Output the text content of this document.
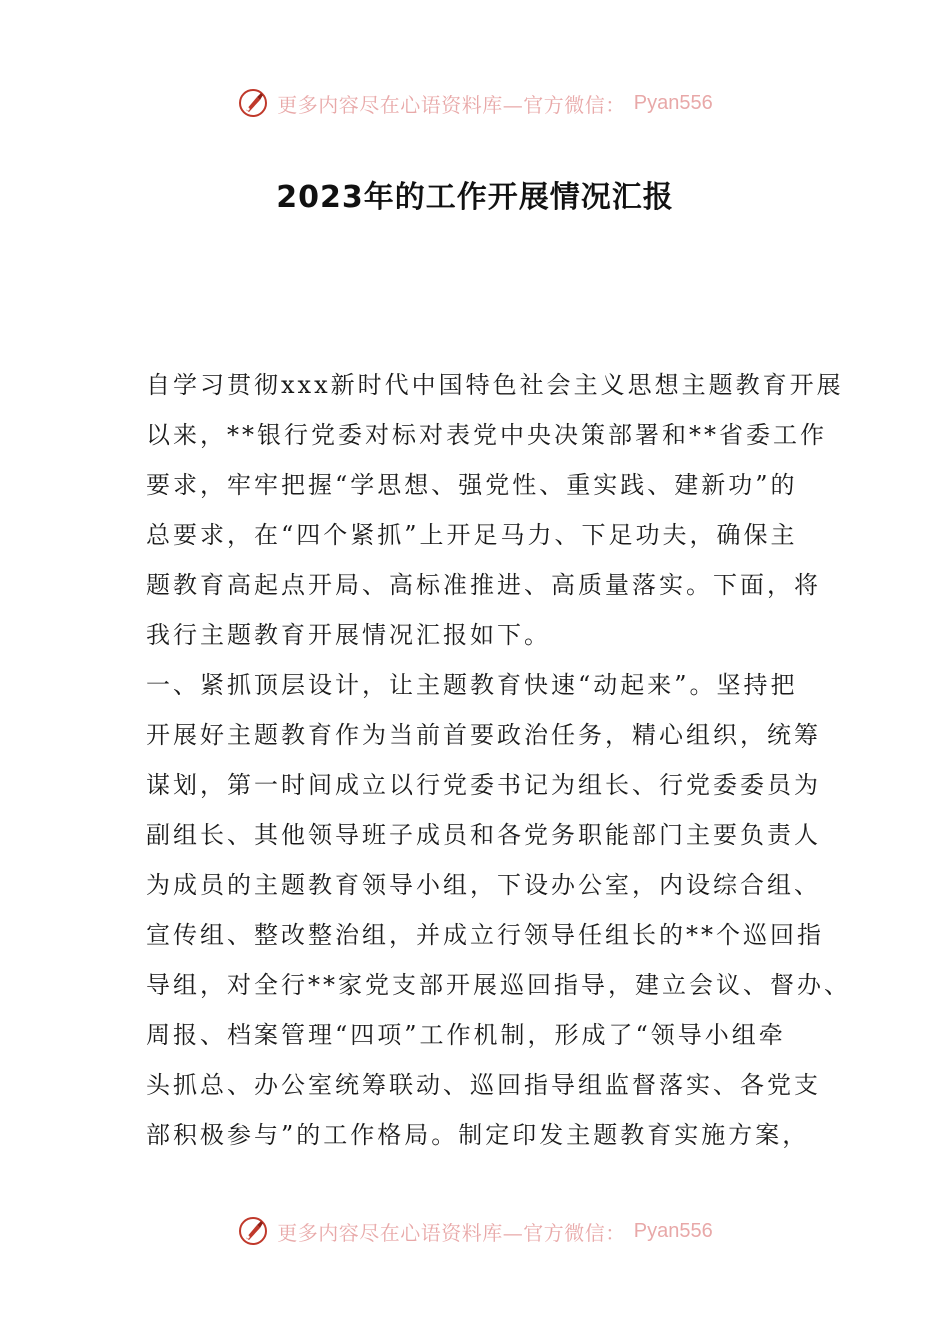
更多内容尽在心语资料库—官方微信： Pyan556
2023年的工作开展情况汇报
自学习贯彻xxx新时代中国特色社会主义思想主题教育开展
以来，**银行党委对标对表党中央决策部署和**省委工作
要求，牢牢把握“学思想、强党性、重实践、建新功”的
总要求，在“四个紧抓”上开足马力、下足功夫，确保主
题教育高起点开局、高标准推进、高质量落实。下面，将
我行主题教育开展情况汇报如下。
一、紧抓顶层设计，让主题教育快速“动起来”。坚持把
开展好主题教育作为当前首要政治任务，精心组织，统筹
谋划，第一时间成立以行党委书记为组长、行党委委员为
副组长、其他领导班子成员和各党务职能部门主要负责人
为成员的主题教育领导小组，下设办公室，内设综合组、
宣传组、整改整治组，并成立行领导任组长的**个巡回指
导组，对全行**家党支部开展巡回指导，建立会议、督办、
周报、档案管理“四项”工作机制，形成了“领导小组牵
头抓总、办公室统筹联动、巡回指导组监督落实、各党支
部积极参与”的工作格局。制定印发主题教育实施方案，
更多内容尽在心语资料库—官方微信： Pyan556
